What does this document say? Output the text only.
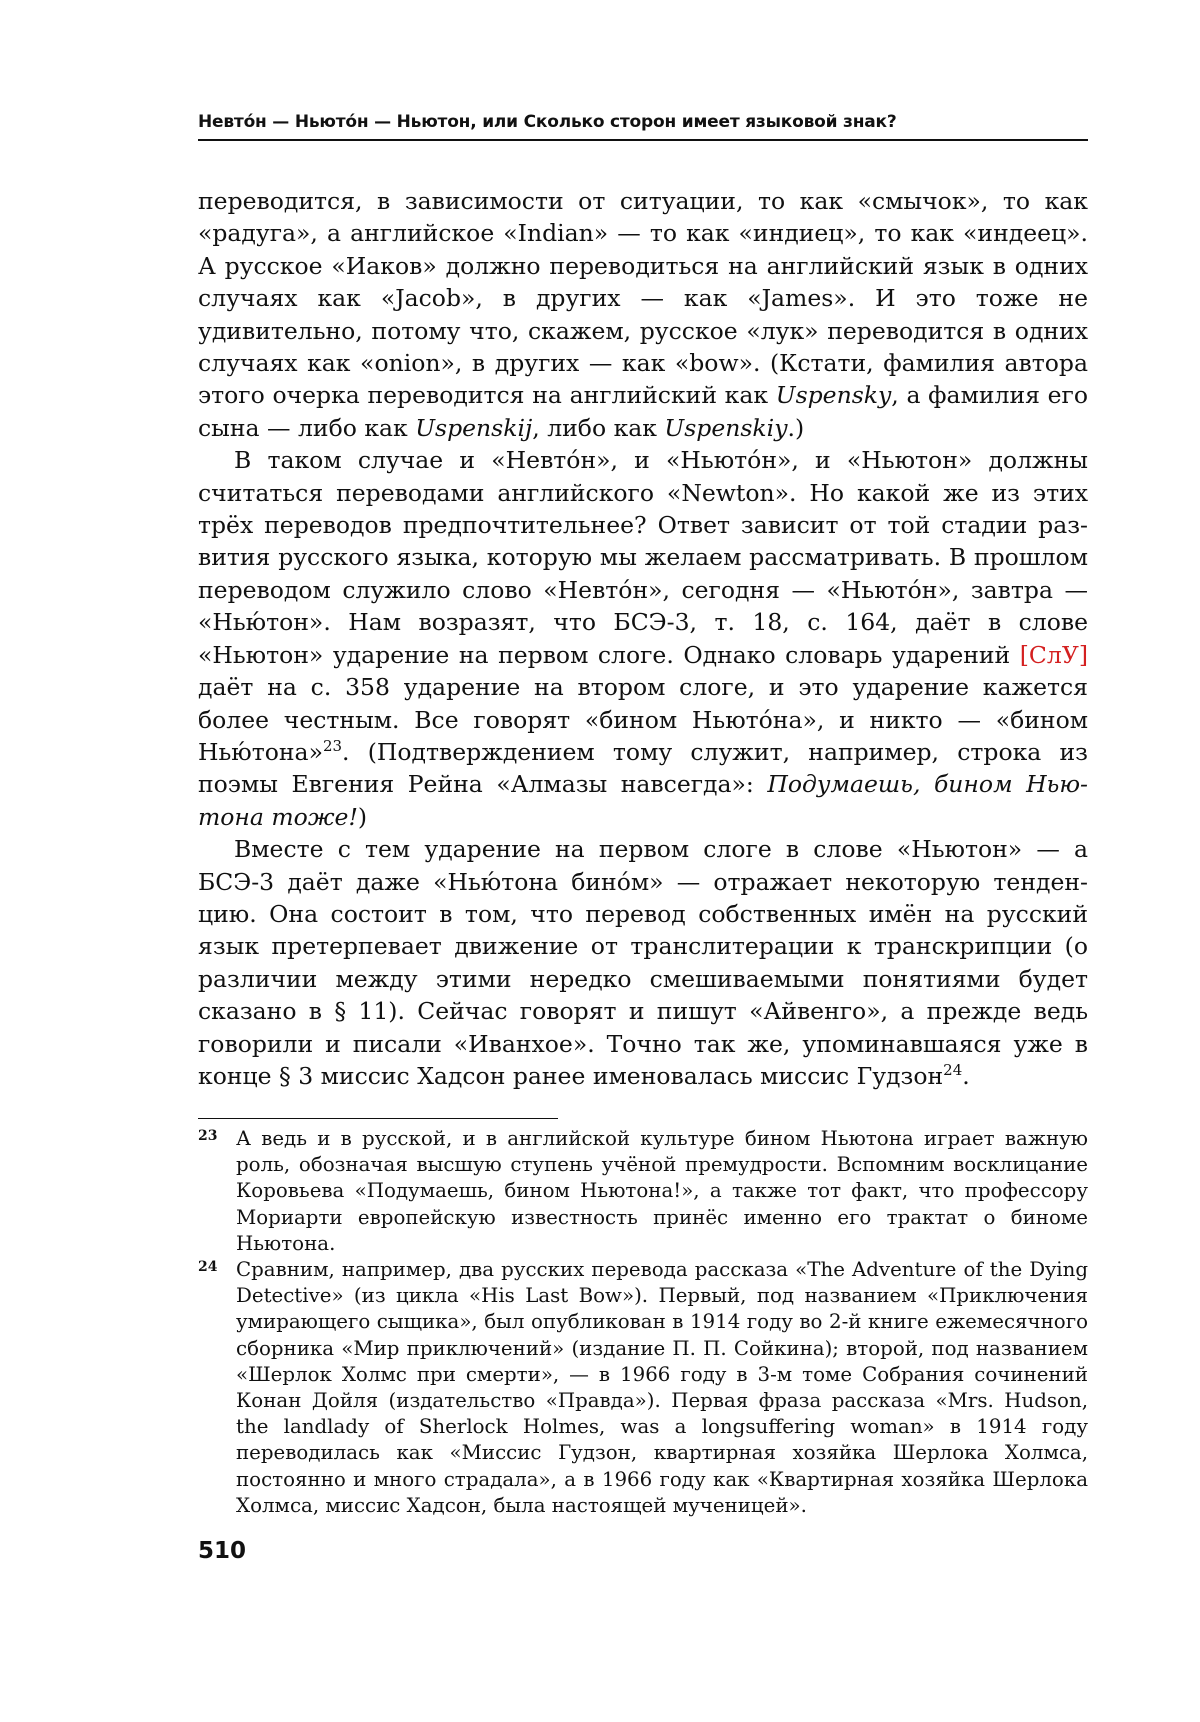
Невто́н — Ньюто́н — Ньютон, или Сколько сторон имеет языковой знак?

переводится, в зависимости от ситуации, то как «смычок», то как «радуга», а английское «Indian» — то как «индиец», то как «индеец». А русское «Иаков» должно переводиться на английский язык в одних случаях как «Jacob», в других — как «James». И это тоже не удивительно, потому что, скажем, русское «лук» переводится в одних случаях как «onion», в других — как «bow». (Кстати, фамилия автора этого очерка переводится на английский как Uspensky, а фамилия его сына — либо как Uspenskij, либо как Uspenskiy.)

В таком случае и «Невто́н», и «Ньюто́н», и «Ньютон» должны считаться переводами английского «Newton». Но какой же из этих трёх переводов предпочтительнее? Ответ зависит от той стадии развития русского языка, которую мы желаем рассматривать. В прошлом переводом служило слово «Невто́н», сегодня — «Ньюто́н», завтра — «Нью́тон». Нам возразят, что БСЭ-3, т. 18, с. 164, даёт в слове «Ньютон» ударение на первом слоге. Однако словарь ударений [СлУ] даёт на с. 358 ударение на втором слоге, и это ударение кажется более честным. Все говорят «бином Ньюто́на», и никто — «бином Нью́тона»$^{23}$. (Подтверждением тому служит, например, строка из поэмы Евгения Рейна «Алмазы навсегда»: Подумаешь, бином Ньютона тоже!)

Вместе с тем ударение на первом слоге в слове «Ньютон» — а БСЭ-3 даёт даже «Нью́тона бино́м» — отражает некоторую тенденцию. Она состоит в том, что перевод собственных имён на русский язык претерпевает движение от транслитерации к транскрипции (о различии между этими нередко смешиваемыми понятиями будет сказано в § 11). Сейчас говорят и пишут «Айвенго», а прежде ведь говорили и писали «Иванхое». Точно так же, упоминавшаяся уже в конце § 3 миссис Хадсон ранее именовалась миссис Гудзон$^{24}$.

23 А ведь и в русской, и в английской культуре бином Ньютона играет важную роль, обозначая высшую ступень учёной премудрости. Вспомним восклицание Коровьева «Подумаешь, бином Ньютона!», а также тот факт, что профессору Мориарти европейскую известность принёс именно его трактат о биноме Ньютона.

24 Сравним, например, два русских перевода рассказа «The Adventure of the Dying Detective» (из цикла «His Last Bow»). Первый, под названием «Приключения умирающего сыщика», был опубликован в 1914 году во 2-й книге ежемесячного сборника «Мир приключений» (издание П. П. Сойкина); второй, под названием «Шерлок Холмс при смерти», — в 1966 году в 3-м томе Собрания сочинений Конан Дойля (издательство «Правда»). Первая фраза рассказа «Mrs. Hudson, the landlady of Sherlock Holmes, was a longsuffering woman» в 1914 году переводилась как «Миссис Гудзон, квартирная хозяйка Шерлока Холмса, постоянно и много страдала», а в 1966 году как «Квартирная хозяйка Шерлока Холмса, миссис Хадсон, была настоящей мученицей».

510
